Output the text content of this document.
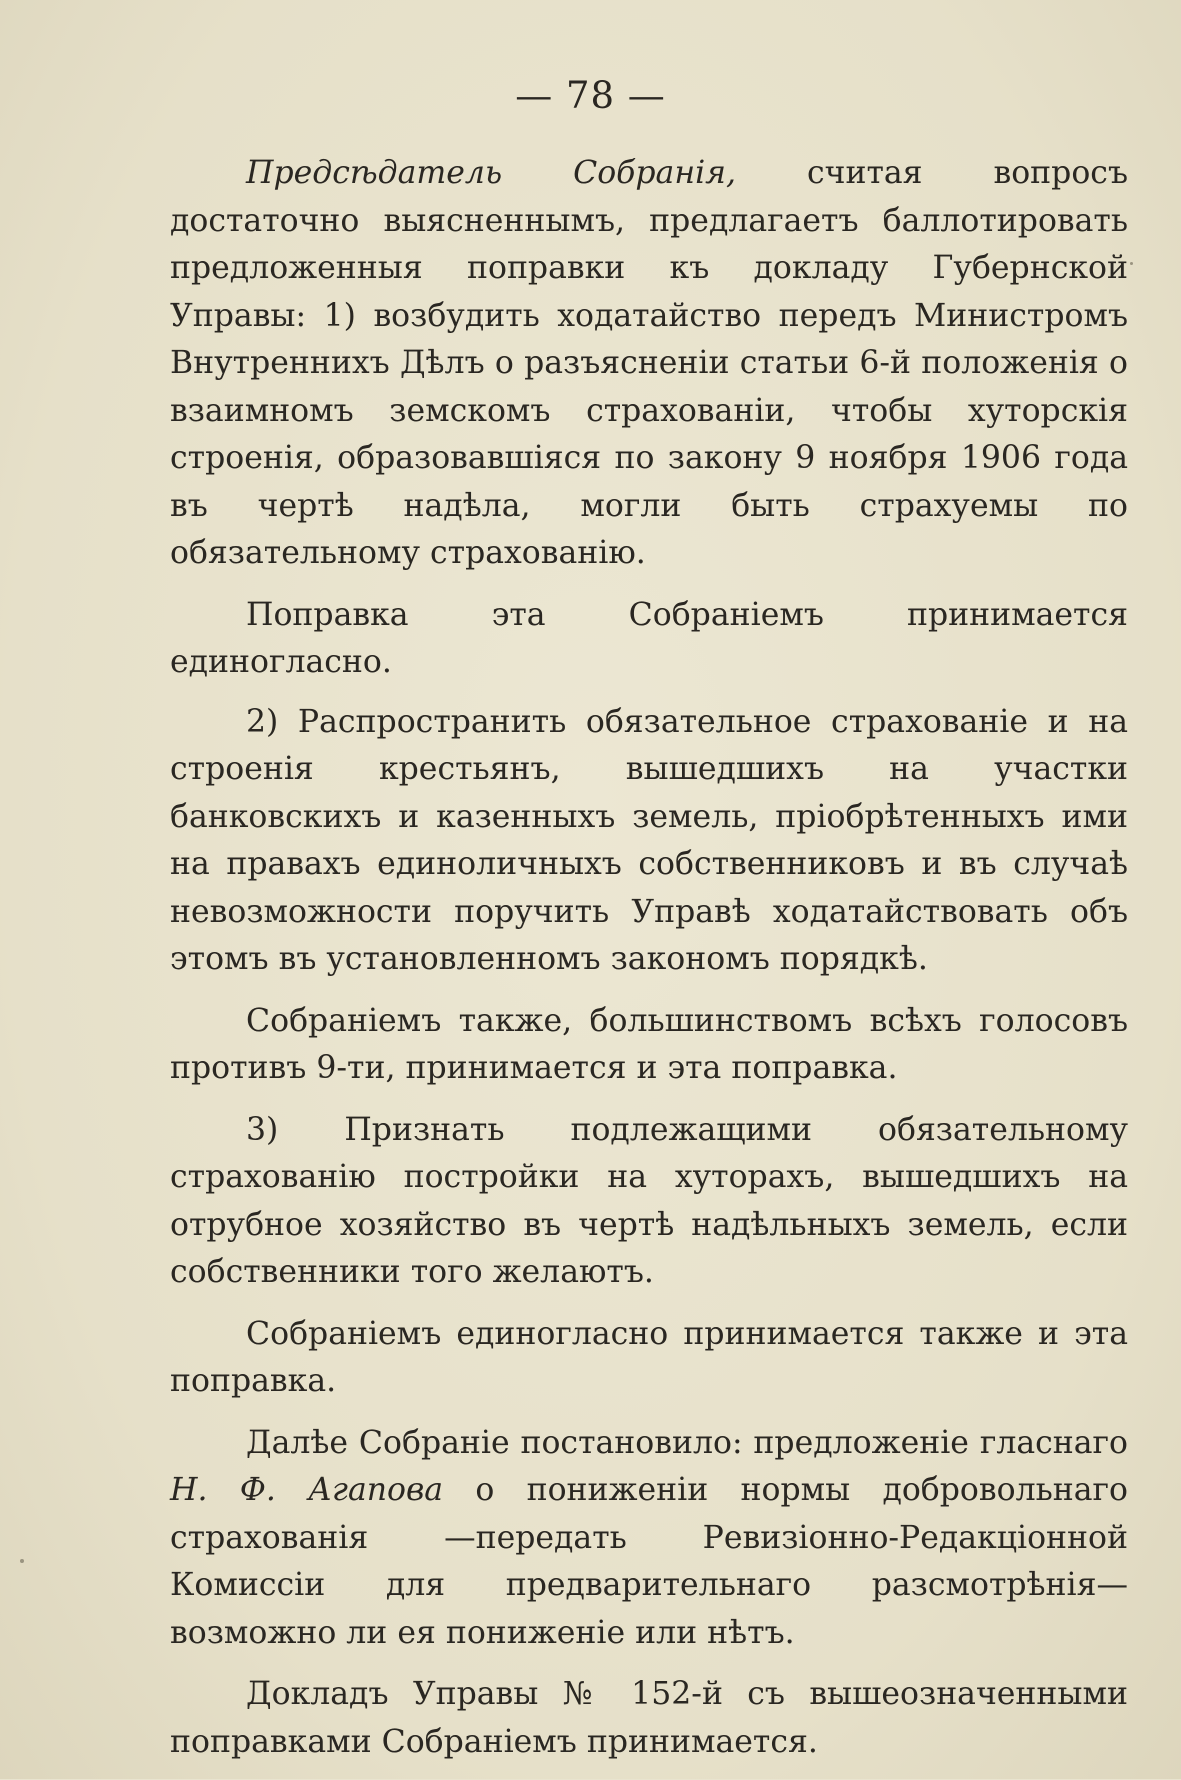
— 78 —

Предсѣдатель Собранія, считая вопросъ достаточно выясненнымъ, предлагаетъ баллотировать предложенныя поправки къ докладу Губернской Управы: 1) возбудить ходатайство передъ Министромъ Внутреннихъ Дѣлъ о разъясненіи статьи 6-й положенія о взаимномъ земскомъ страхованіи, чтобы хуторскія строенія, образовавшіяся по закону 9 ноября 1906 года въ чертѣ надѣла, могли быть страхуемы по обязательному страхованію.

Поправка эта Собраніемъ принимается единогласно.

2) Распространить обязательное страхованіе и на строенія крестьянъ, вышедшихъ на участки банковскихъ и казенныхъ земель, пріобрѣтенныхъ ими на правахъ единоличныхъ собственниковъ и въ случаѣ невозможности поручить Управѣ ходатайствовать объ этомъ въ установленномъ закономъ порядкѣ.

Собраніемъ также, большинствомъ всѣхъ голосовъ противъ 9-ти, принимается и эта поправка.

3) Признать подлежащими обязательному страхованію постройки на хуторахъ, вышедшихъ на отрубное хозяйство въ чертѣ надѣльныхъ земель, если собственники того желаютъ.

Собраніемъ единогласно принимается также и эта поправка.

Далѣе Собраніе постановило: предложеніе гласнаго Н. Ф. Агапова о пониженіи нормы добровольнаго страхованія —передать Ревизіонно-Редакціонной Комиссіи для предварительнаго разсмотрѣнія—возможно ли ея пониженіе или нѣтъ.

Докладъ Управы № 152-й съ вышеозначенными поправками Собраніемъ принимается.
